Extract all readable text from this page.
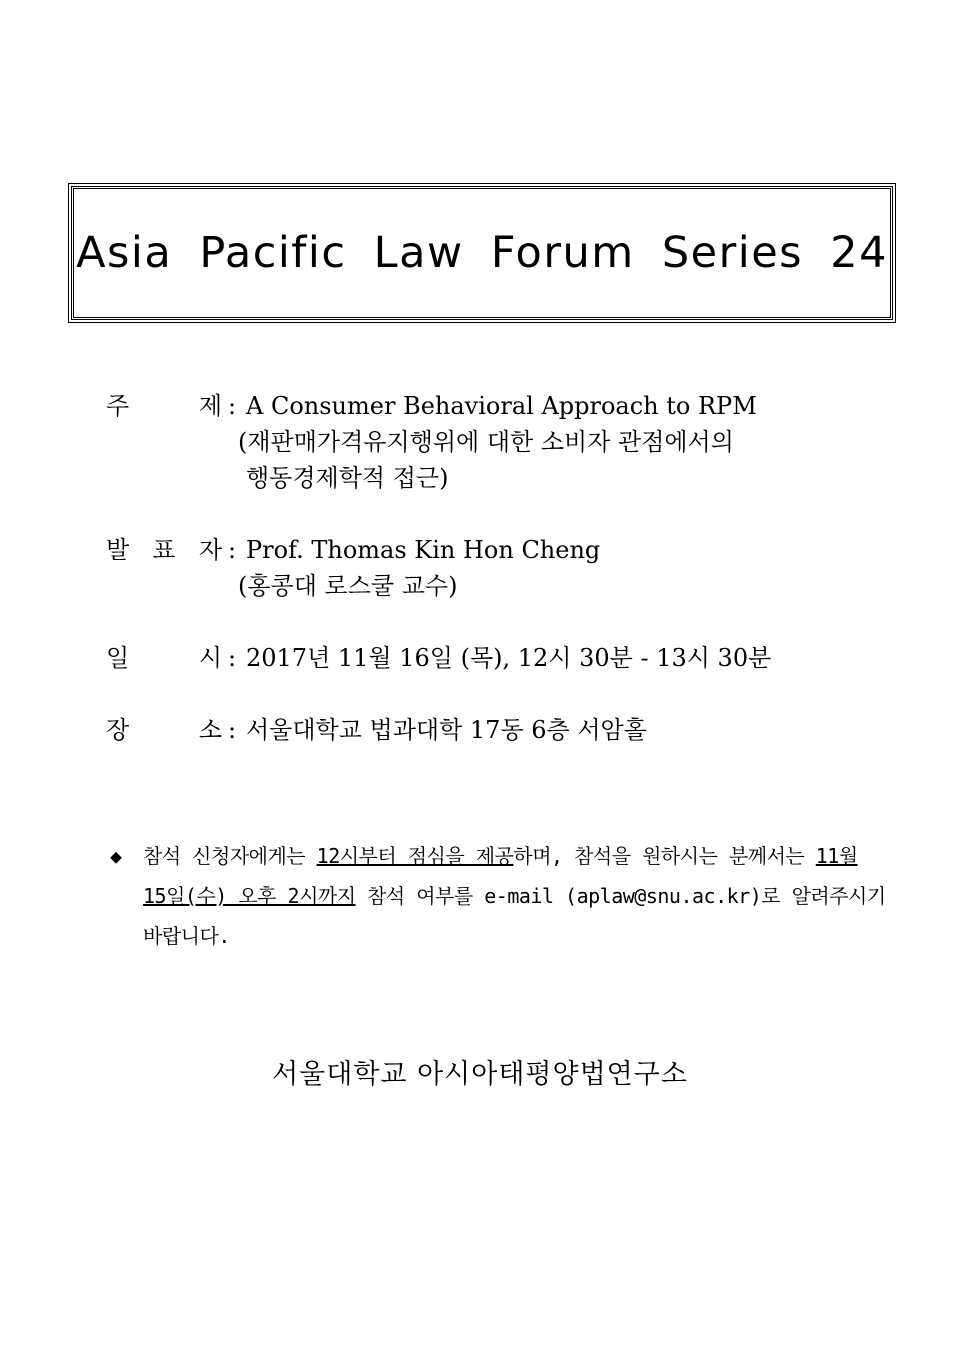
Asia Pacific Law Forum Series 24
주	제 : A Consumer Behavioral Approach to RPM
(재판매가격유지행위에 대한 소비자 관점에서의
행동경제학적 접근)
발 표 자 : Prof. Thomas Kin Hon Cheng
(홍콩대 로스쿨 교수)
일	시 : 2017년 11월 16일 (목), 12시 30분 - 13시 30분
장	소 : 서울대학교 법과대학 17동 6층 서암홀
◆	참석 신청자에게는 12시부터 점심을 제공하며, 참석을 원하시는 분께서는 11월 15일(수) 오후 2시까지 참석 여부를 e-mail (aplaw@snu.ac.kr)로 알려주시기 바랍니다.
서울대학교 아시아태평양법연구소
